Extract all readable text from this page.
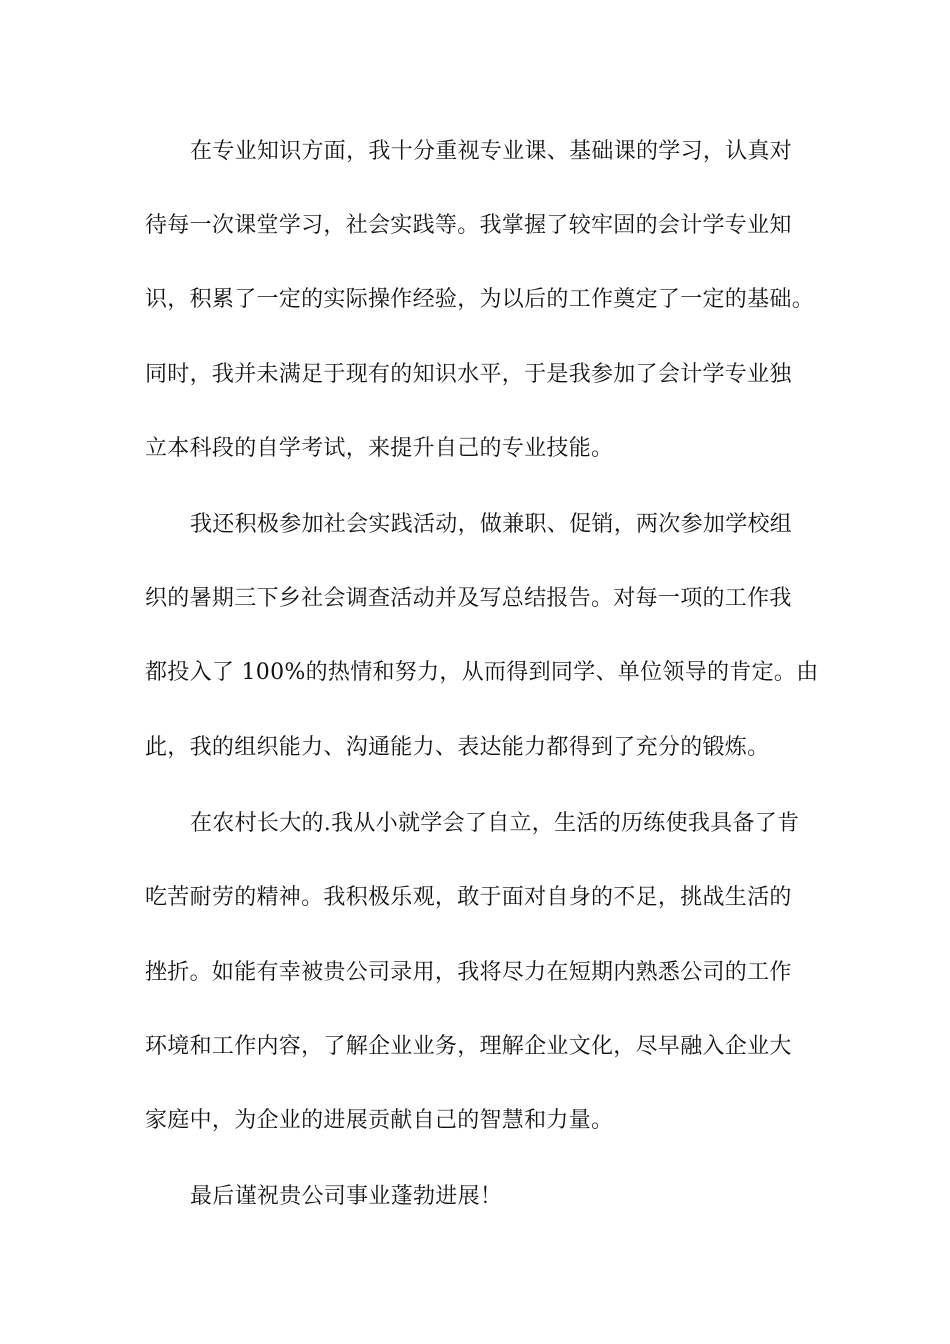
在专业知识方面，我十分重视专业课、基础课的学习，认真对

待每一次课堂学习，社会实践等。我掌握了较牢固的会计学专业知

识，积累了一定的实际操作经验，为以后的工作奠定了一定的基础。

同时，我并未满足于现有的知识水平，于是我参加了会计学专业独

立本科段的自学考试，来提升自己的专业技能。

我还积极参加社会实践活动，做兼职、促销，两次参加学校组

织的暑期三下乡社会调查活动并及写总结报告。对每一项的工作我

都投入了 100%的热情和努力，从而得到同学、单位领导的肯定。由

此，我的组织能力、沟通能力、表达能力都得到了充分的锻炼。

在农村长大的.我从小就学会了自立，生活的历练使我具备了肯

吃苦耐劳的精神。我积极乐观，敢于面对自身的不足，挑战生活的

挫折。如能有幸被贵公司录用，我将尽力在短期内熟悉公司的工作

环境和工作内容，了解企业业务，理解企业文化，尽早融入企业大

家庭中，为企业的进展贡献自己的智慧和力量。

最后谨祝贵公司事业蓬勃进展！
